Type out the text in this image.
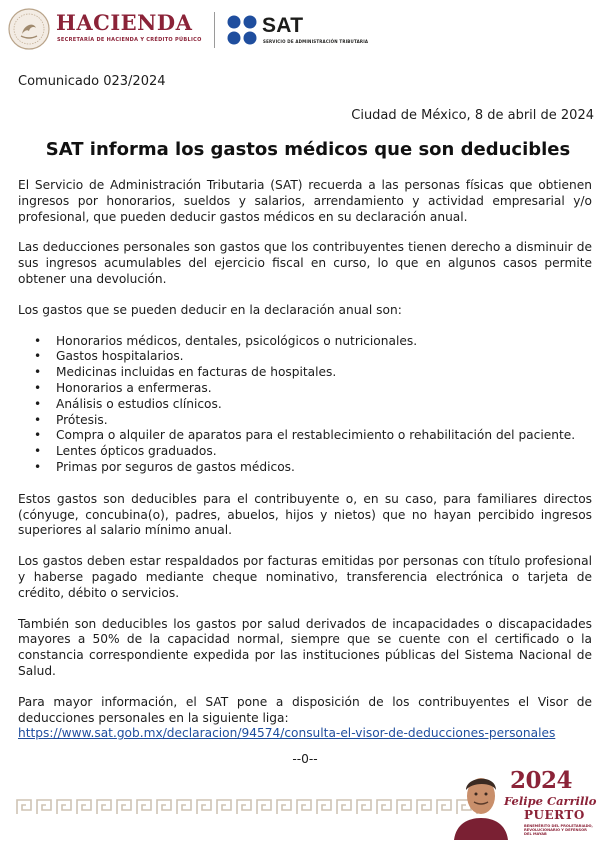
HACIENDA
SECRETARÍA DE HACIENDA Y CRÉDITO PÚBLICO
SAT
SERVICIO DE ADMINISTRACIÓN TRIBUTARIA
Comunicado 023/2024
Ciudad de México, 8 de abril de 2024
SAT informa los gastos médicos que son deducibles

El Servicio de Administración Tributaria (SAT) recuerda a las personas físicas que obtienen ingresos por honorarios, sueldos y salarios, arrendamiento y actividad empresarial y/o profesional, que pueden deducir gastos médicos en su declaración anual.

Las deducciones personales son gastos que los contribuyentes tienen derecho a disminuir de sus ingresos acumulables del ejercicio fiscal en curso, lo que en algunos casos permite obtener una devolución.

Los gastos que se pueden deducir en la declaración anual son:

• Honorarios médicos, dentales, psicológicos o nutricionales.
• Gastos hospitalarios.
• Medicinas incluidas en facturas de hospitales.
• Honorarios a enfermeras.
• Análisis o estudios clínicos.
• Prótesis.
• Compra o alquiler de aparatos para el restablecimiento o rehabilitación del paciente.
• Lentes ópticos graduados.
• Primas por seguros de gastos médicos.

Estos gastos son deducibles para el contribuyente o, en su caso, para familiares directos (cónyuge, concubina(o), padres, abuelos, hijos y nietos) que no hayan percibido ingresos superiores al salario mínimo anual.

Los gastos deben estar respaldados por facturas emitidas por personas con título profesional y haberse pagado mediante cheque nominativo, transferencia electrónica o tarjeta de crédito, débito o servicios.

También son deducibles los gastos por salud derivados de incapacidades o discapacidades mayores a 50% de la capacidad normal, siempre que se cuente con el certificado o la constancia correspondiente expedida por las instituciones públicas del Sistema Nacional de Salud.

Para mayor información, el SAT pone a disposición de los contribuyentes el Visor de deducciones personales en la siguiente liga:
https://www.sat.gob.mx/declaracion/94574/consulta-el-visor-de-deducciones-personales

--0--
2024
Felipe Carrillo
PUERTO
BENEMÉRITO DEL PROLETARIADO, REVOLUCIONARIO Y DEFENSOR DEL MAYAB
